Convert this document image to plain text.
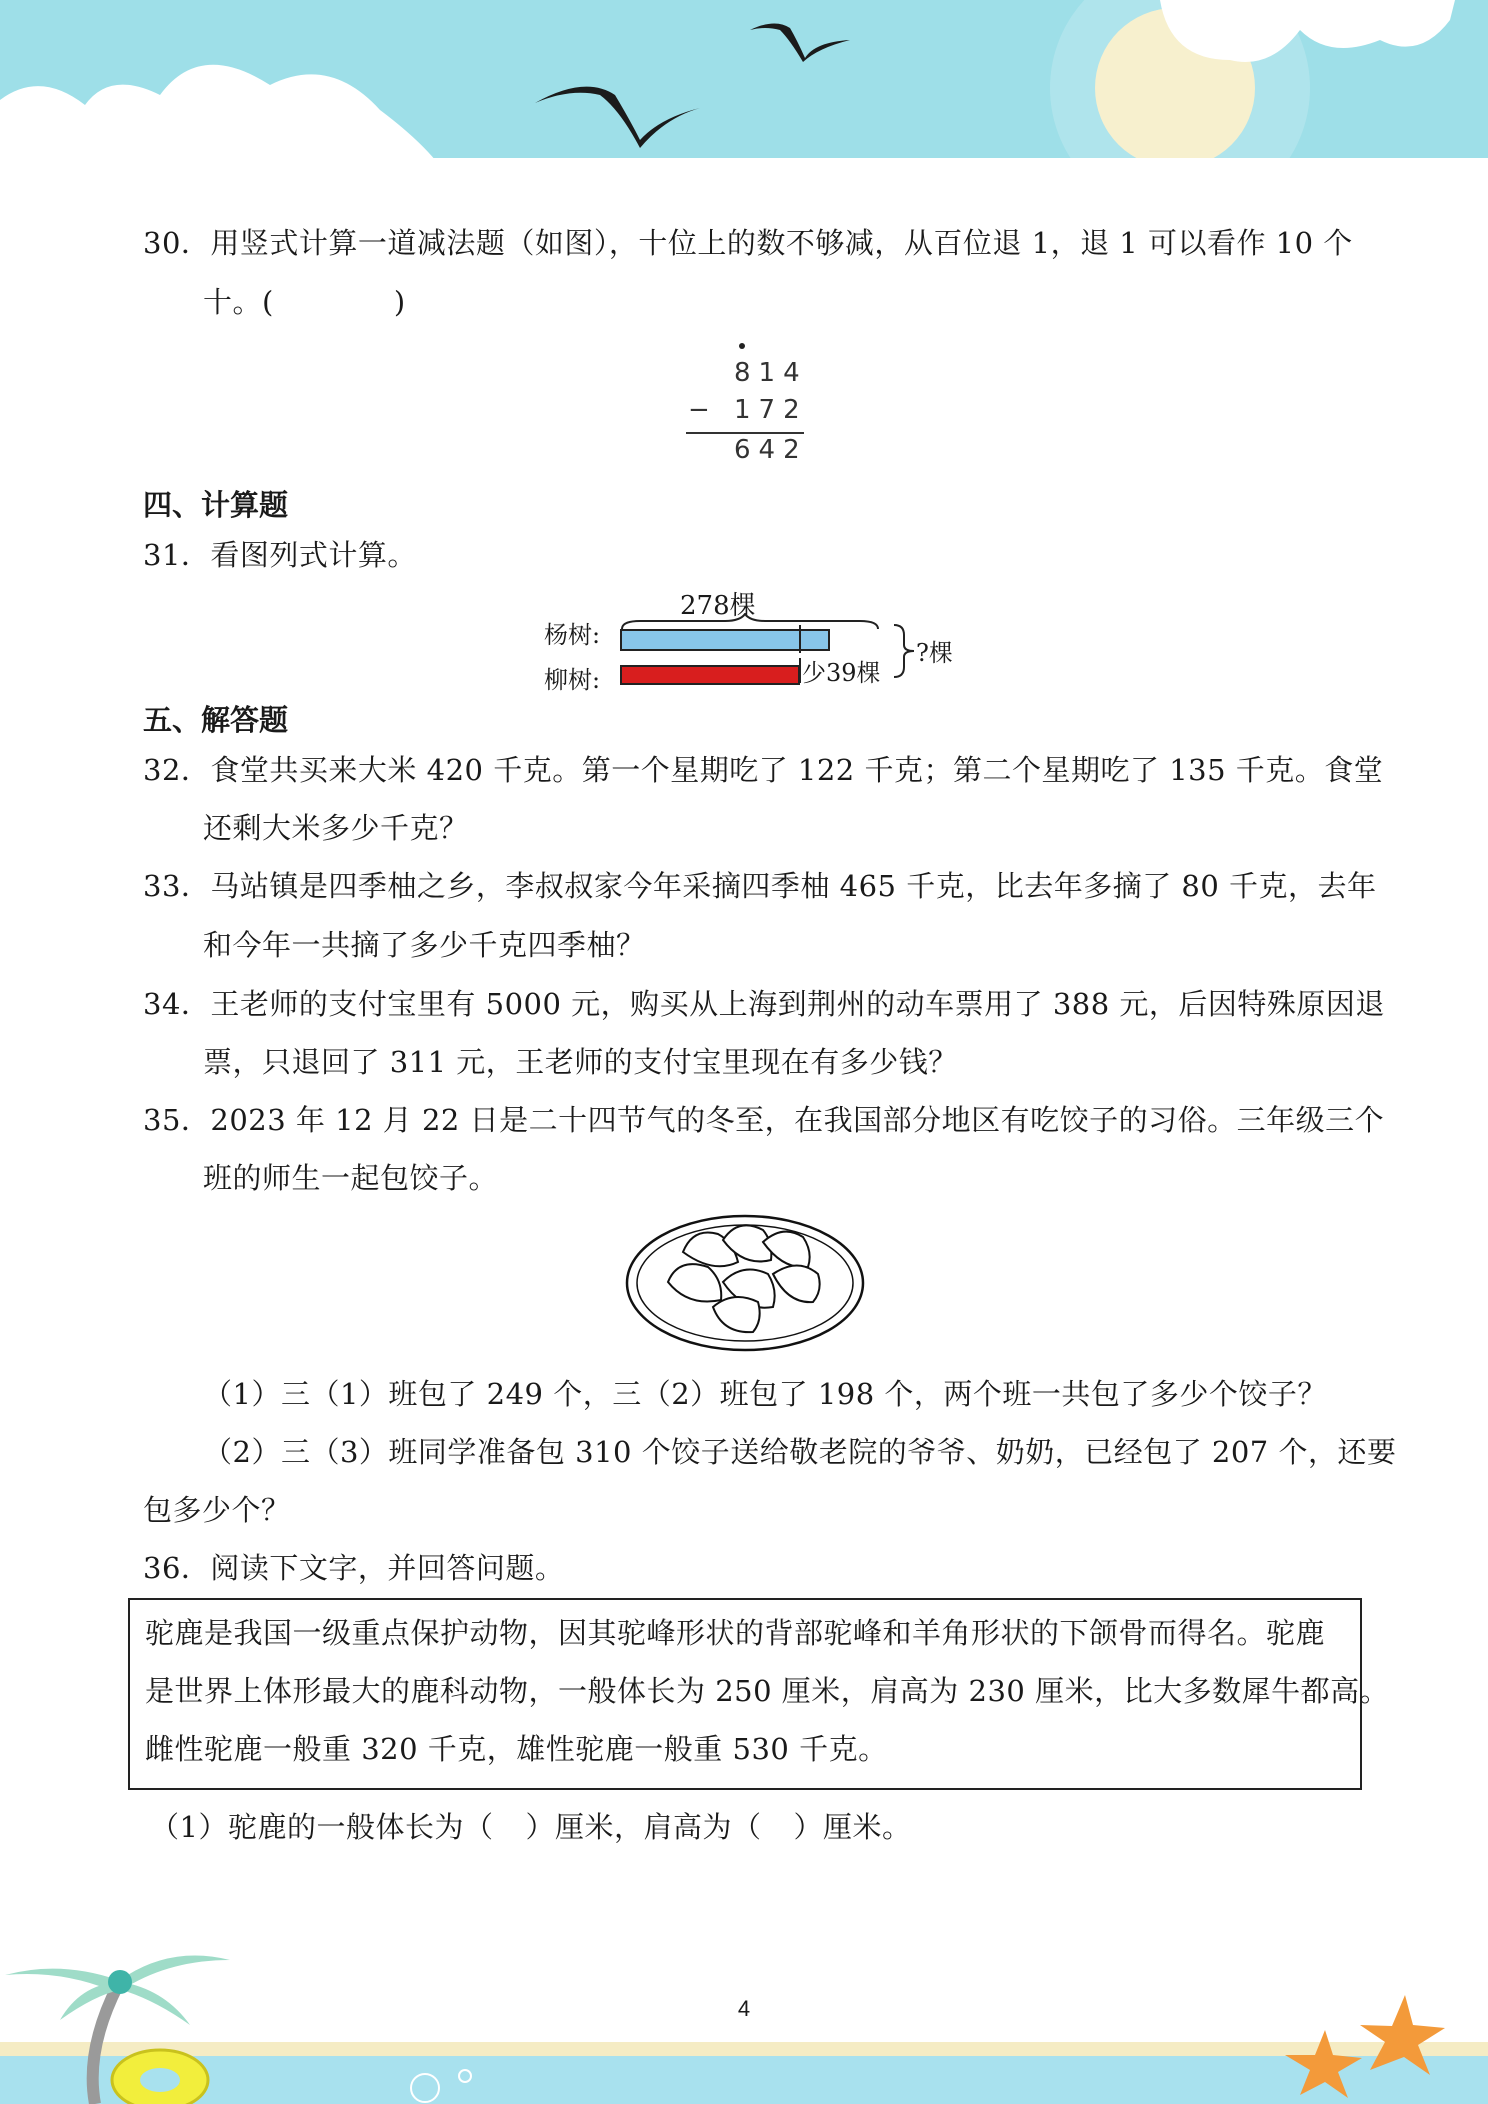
30．用竖式计算一道减法题（如图），十位上的数不够减，从百位退 1，退 1 可以看作 10 个
十。(	)
814
− 172
642
四、计算题
31．看图列式计算。
278棵
杨树:
柳树:	少39棵
?棵
五、解答题
32．食堂共买来大米 420 千克。第一个星期吃了 122 千克；第二个星期吃了 135 千克。食堂
还剩大米多少千克？
33．马站镇是四季柚之乡，李叔叔家今年采摘四季柚 465 千克，比去年多摘了 80 千克，去年
和今年一共摘了多少千克四季柚？
34．王老师的支付宝里有 5000 元，购买从上海到荆州的动车票用了 388 元，后因特殊原因退
票，只退回了 311 元，王老师的支付宝里现在有多少钱？
35．2023 年 12 月 22 日是二十四节气的冬至，在我国部分地区有吃饺子的习俗。三年级三个
班的师生一起包饺子。
（1）三（1）班包了 249 个，三（2）班包了 198 个，两个班一共包了多少个饺子？
（2）三（3）班同学准备包 310 个饺子送给敬老院的爷爷、奶奶，已经包了 207 个，还要
包多少个？
36．阅读下文字，并回答问题。
驼鹿是我国一级重点保护动物，因其驼峰形状的背部驼峰和羊角形状的下颌骨而得名。驼鹿
是世界上体形最大的鹿科动物，一般体长为 250 厘米，肩高为 230 厘米，比大多数犀牛都高。
雌性驼鹿一般重 320 千克，雄性驼鹿一般重 530 千克。
（1）驼鹿的一般体长为（ ）厘米，肩高为（ ）厘米。
4
